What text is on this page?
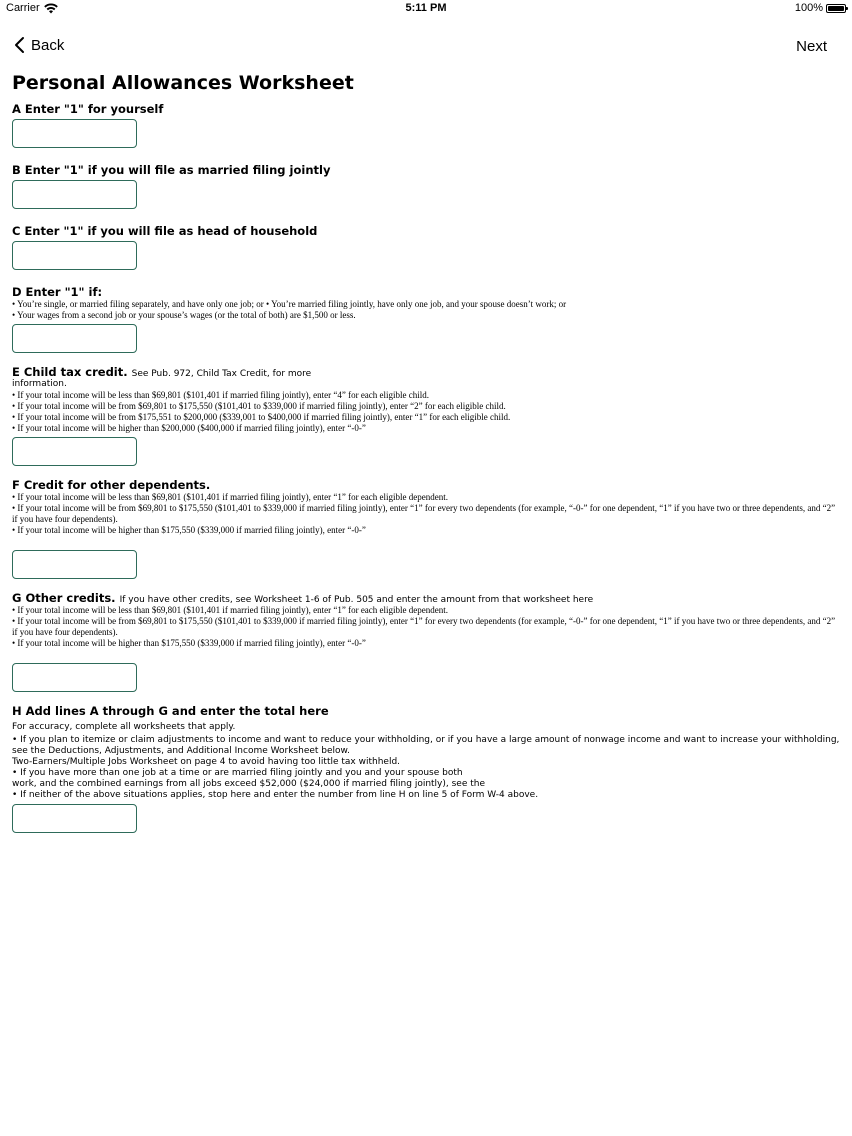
Carrier	5:11 PM	100%
Back	Next
Personal Allowances Worksheet

A Enter "1" for yourself

B Enter "1" if you will file as married filing jointly

C Enter "1" if you will file as head of household

D Enter "1" if:

• You’re single, or married filing separately, and have only one job; or • You’re married filing jointly, have only one job, and your spouse doesn’t work; or

• Your wages from a second job or your spouse’s wages (or the total of both) are $1,500 or less.

E Child tax credit. See Pub. 972, Child Tax Credit, for more

information.

• If your total income will be less than $69,801 ($101,401 if married filing jointly), enter “4” for each eligible child.

• If your total income will be from $69,801 to $175,550 ($101,401 to $339,000 if married filing jointly), enter “2” for each eligible child.

• If your total income will be from $175,551 to $200,000 ($339,001 to $400,000 if married filing jointly), enter “1” for each eligible child.

• If your total income will be higher than $200,000 ($400,000 if married filing jointly), enter “-0-”

F Credit for other dependents.

• If your total income will be less than $69,801 ($101,401 if married filing jointly), enter “1” for each eligible dependent.

• If your total income will be from $69,801 to $175,550 ($101,401 to $339,000 if married filing jointly), enter “1” for every two dependents (for example, “-0-” for one dependent, “1” if you have two or three dependents, and “2” if you have four dependents).

• If your total income will be higher than $175,550 ($339,000 if married filing jointly), enter “-0-”

G Other credits. If you have other credits, see Worksheet 1-6 of Pub. 505 and enter the amount from that worksheet here

• If your total income will be less than $69,801 ($101,401 if married filing jointly), enter “1” for each eligible dependent.

• If your total income will be from $69,801 to $175,550 ($101,401 to $339,000 if married filing jointly), enter “1” for every two dependents (for example, “-0-” for one dependent, “1” if you have two or three dependents, and “2” if you have four dependents).

• If your total income will be higher than $175,550 ($339,000 if married filing jointly), enter “-0-”

H Add lines A through G and enter the total here

For accuracy, complete all worksheets that apply.

• If you plan to itemize or claim adjustments to income and want to reduce your withholding, or if you have a large amount of nonwage income and want to increase your withholding, see the Deductions, Adjustments, and Additional Income Worksheet below.

Two-Earners/Multiple Jobs Worksheet on page 4 to avoid having too little tax withheld.

• If you have more than one job at a time or are married filing jointly and you and your spouse both

work, and the combined earnings from all jobs exceed $52,000 ($24,000 if married filing jointly), see the

• If neither of the above situations applies, stop here and enter the number from line H on line 5 of Form W-4 above.
